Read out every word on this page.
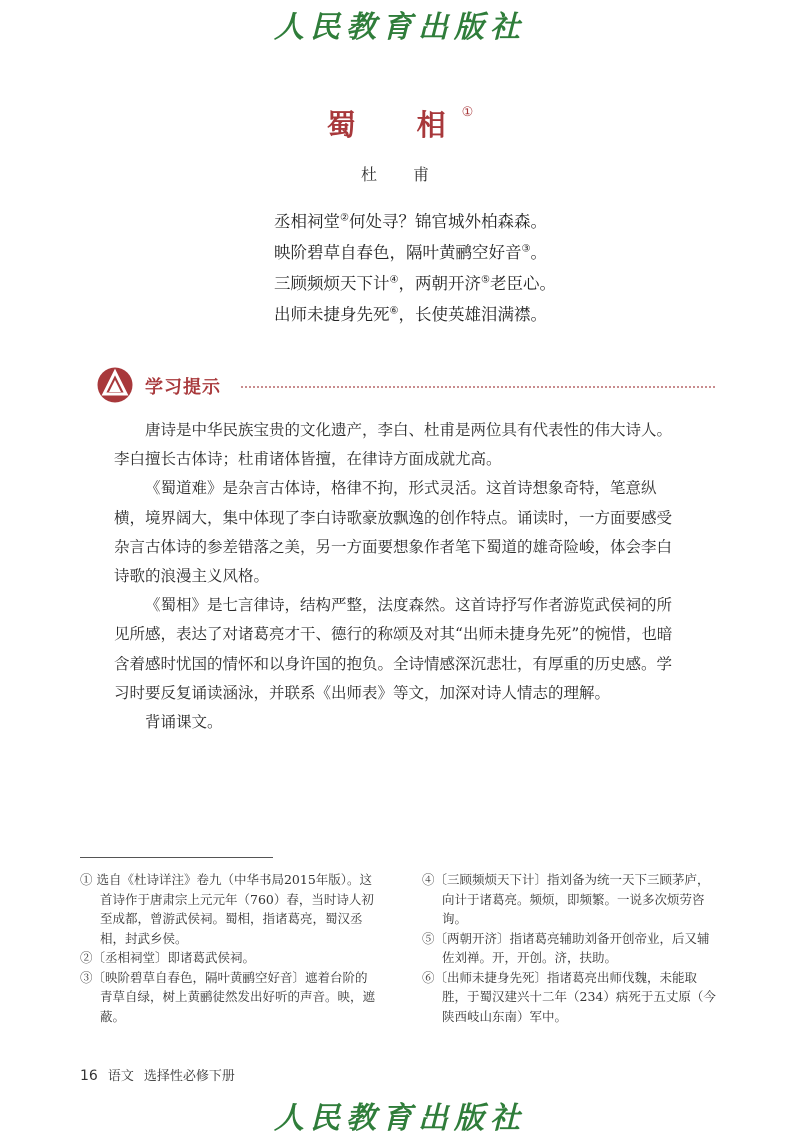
人民教育出版社
蜀　相①
杜　甫
丞相祠堂②何处寻？锦官城外柏森森。
映阶碧草自春色，隔叶黄鹂空好音③。
三顾频烦天下计④，两朝开济⑤老臣心。
出师未捷身先死⑥，长使英雄泪满襟。
学习提示

唐诗是中华民族宝贵的文化遗产，李白、杜甫是两位具有代表性的伟大诗人。李白擅长古体诗；杜甫诸体皆擅，在律诗方面成就尤高。

《蜀道难》是杂言古体诗，格律不拘，形式灵活。这首诗想象奇特，笔意纵横，境界阔大，集中体现了李白诗歌豪放飘逸的创作特点。诵读时，一方面要感受杂言古体诗的参差错落之美，另一方面要想象作者笔下蜀道的雄奇险峻，体会李白诗歌的浪漫主义风格。

《蜀相》是七言律诗，结构严整，法度森然。这首诗抒写作者游览武侯祠的所见所感，表达了对诸葛亮才干、德行的称颂及对其“出师未捷身先死”的惋惜，也暗含着感时忧国的情怀和以身许国的抱负。全诗情感深沉悲壮，有厚重的历史感。学习时要反复诵读涵泳，并联系《出师表》等文，加深对诗人情志的理解。

背诵课文。

① 选自《杜诗详注》卷九（中华书局2015年版）。这首诗作于唐肃宗上元元年（760）春，当时诗人初至成都，曾游武侯祠。蜀相，指诸葛亮，蜀汉丞相，封武乡侯。

②〔丞相祠堂〕即诸葛武侯祠。

③〔映阶碧草自春色，隔叶黄鹂空好音〕遮着台阶的青草自绿，树上黄鹂徒然发出好听的声音。映，遮蔽。

④〔三顾频烦天下计〕指刘备为统一天下三顾茅庐，向计于诸葛亮。频烦，即频繁。一说多次烦劳咨询。

⑤〔两朝开济〕指诸葛亮辅助刘备开创帝业，后又辅佐刘禅。开，开创。济，扶助。

⑥〔出师未捷身先死〕指诸葛亮出师伐魏，未能取胜，于蜀汉建兴十二年（234）病死于五丈原（今陕西岐山东南）军中。

16 语文 选择性必修下册
人民教育出版社
